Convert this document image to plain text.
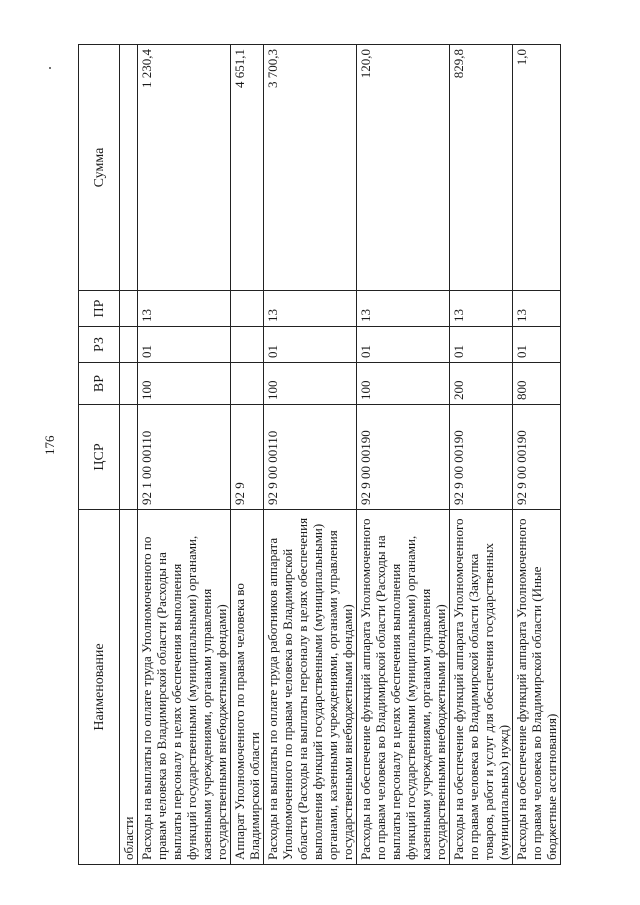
176
Наименование	ЦСР	ВР	РЗ	ПР	Сумма
области					
Расходы на выплаты по оплате труда Уполномоченного по правам человека во Владимирской области (Расходы на выплаты персоналу в целях обеспечения выполнения функций государственными (муниципальными) органами, казенными учреждениями, органами управления государственными внебюджетными фондами)	92 1 00 00110	100	01	13	1 230,4
Аппарат Уполномоченного по правам человека во Владимирской области	92 9				4 651,1
Расходы на выплаты по оплате труда работников аппарата Уполномоченного по правам человека во Владимирской области (Расходы на выплаты персоналу в целях обеспечения выполнения функций государственными (муниципальными) органами, казенными учреждениями, органами управления государственными внебюджетными фондами)	92 9 00 00110	100	01	13	3 700,3
Расходы на обеспечение функций аппарата Уполномоченного по правам человека во Владимирской области (Расходы на выплаты персоналу в целях обеспечения выполнения функций государственными (муниципальными) органами, казенными учреждениями, органами управления государственными внебюджетными фондами)	92 9 00 00190	100	01	13	120,0
Расходы на обеспечение функций аппарата Уполномоченного по правам человека во Владимирской области (Закупка товаров, работ и услуг для обеспечения государственных (муниципальных) нужд)	92 9 00 00190	200	01	13	829,8
Расходы на обеспечение функций аппарата Уполномоченного по правам человека во Владимирской области (Иные бюджетные ассигнования)	92 9 00 00190	800	01	13	1,0
